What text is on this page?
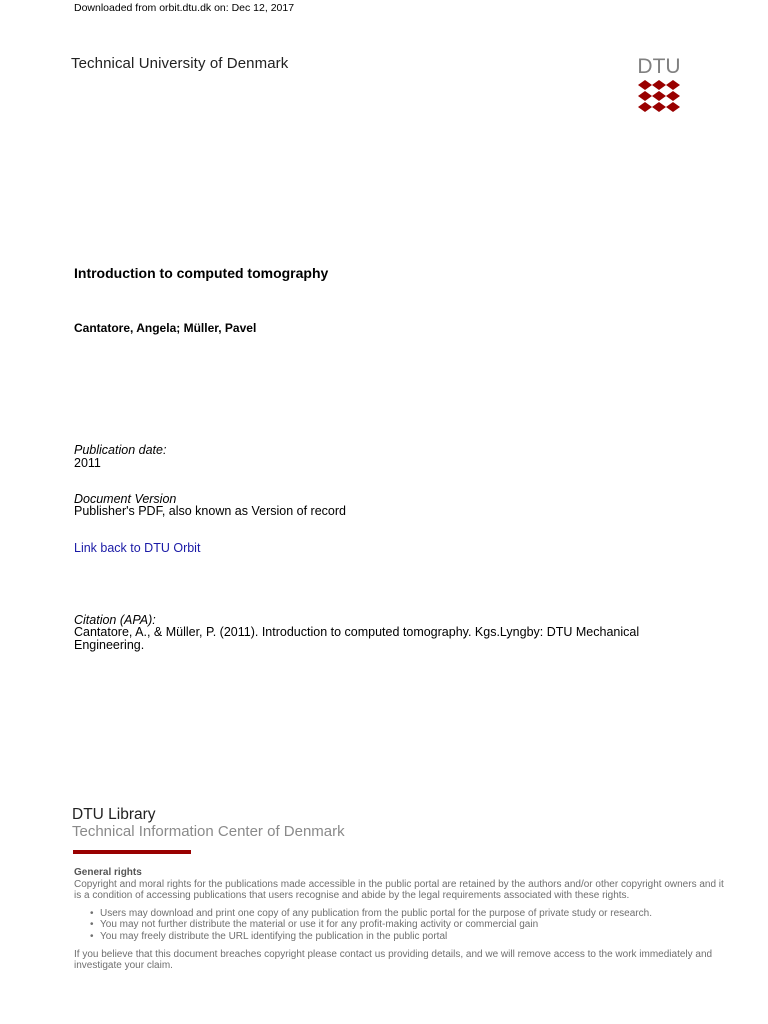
Downloaded from orbit.dtu.dk on: Dec 12, 2017
Technical University of Denmark	DTU
Introduction to computed tomography
Cantatore, Angela; Müller, Pavel
Publication date:
2011
Document Version
Publisher's PDF, also known as Version of record
Link back to DTU Orbit
Citation (APA):
Cantatore, A., & Müller, P. (2011). Introduction to computed tomography. Kgs.Lyngby: DTU Mechanical Engineering.
DTU Library
Technical Information Center of Denmark
General rights

Copyright and moral rights for the publications made accessible in the public portal are retained by the authors and/or other copyright owners and it is a condition of accessing publications that users recognise and abide by the legal requirements associated with these rights.

• Users may download and print one copy of any publication from the public portal for the purpose of private study or research.
• You may not further distribute the material or use it for any profit-making activity or commercial gain
• You may freely distribute the URL identifying the publication in the public portal

If you believe that this document breaches copyright please contact us providing details, and we will remove access to the work immediately and investigate your claim.
